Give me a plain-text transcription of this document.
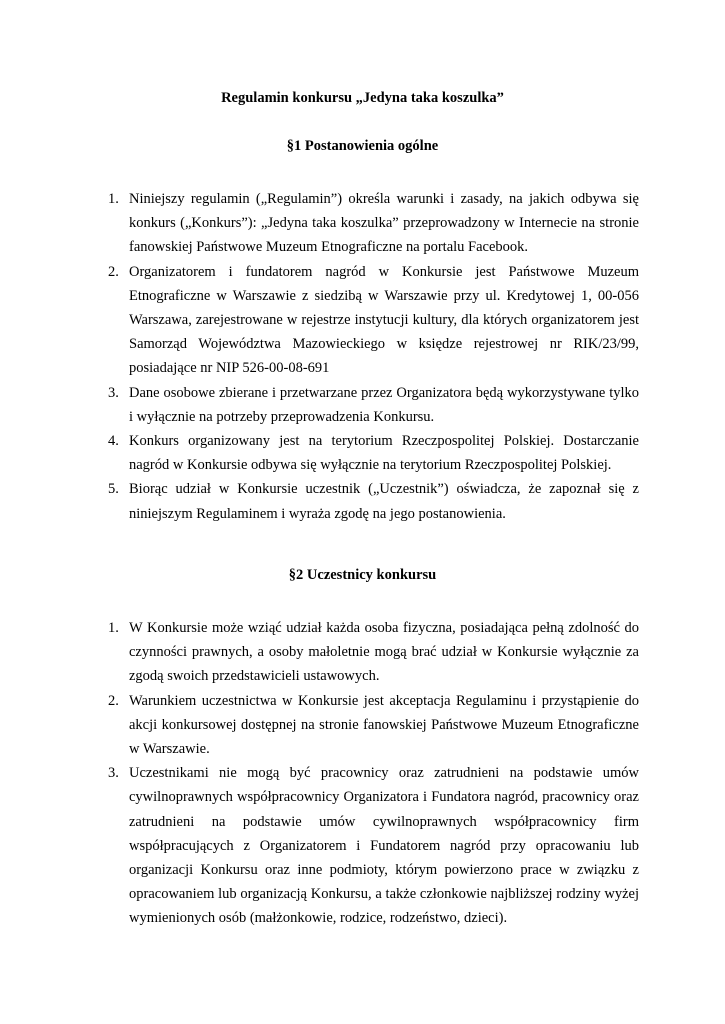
Regulamin konkursu „Jedyna taka koszulka”
§1 Postanowienia ogólne
1. Niniejszy regulamin („Regulamin”) określa warunki i zasady, na jakich odbywa się konkurs („Konkurs”): „Jedyna taka koszulka” przeprowadzony w Internecie na stronie fanowskiej Państwowe Muzeum Etnograficzne na portalu Facebook.
2. Organizatorem i fundatorem nagród w Konkursie jest Państwowe Muzeum Etnograficzne w Warszawie z siedzibą w Warszawie przy ul. Kredytowej 1, 00-056 Warszawa, zarejestrowane w rejestrze instytucji kultury, dla których organizatorem jest Samorząd Województwa Mazowieckiego w księdze rejestrowej nr RIK/23/99, posiadające nr NIP 526-00-08-691
3. Dane osobowe zbierane i przetwarzane przez Organizatora będą wykorzystywane tylko i wyłącznie na potrzeby przeprowadzenia Konkursu.
4. Konkurs organizowany jest na terytorium Rzeczpospolitej Polskiej. Dostarczanie nagród w Konkursie odbywa się wyłącznie na terytorium Rzeczpospolitej Polskiej.
5. Biorąc udział w Konkursie uczestnik („Uczestnik”) oświadcza, że zapoznał się z niniejszym Regulaminem i wyraża zgodę na jego postanowienia.
§2 Uczestnicy konkursu
1. W Konkursie może wziąć udział każda osoba fizyczna, posiadająca pełną zdolność do czynności prawnych, a osoby małoletnie mogą brać udział w Konkursie wyłącznie za zgodą swoich przedstawicieli ustawowych.
2. Warunkiem uczestnictwa w Konkursie jest akceptacja Regulaminu i przystąpienie do akcji konkursowej dostępnej na stronie fanowskiej Państwowe Muzeum Etnograficzne w Warszawie.
3. Uczestnikami nie mogą być pracownicy oraz zatrudnieni na podstawie umów cywilnoprawnych współpracownicy Organizatora i Fundatora nagród, pracownicy oraz zatrudnieni na podstawie umów cywilnoprawnych współpracownicy firm współpracujących z Organizatorem i Fundatorem nagród przy opracowaniu lub organizacji Konkursu oraz inne podmioty, którym powierzono prace w związku z opracowaniem lub organizacją Konkursu, a także członkowie najbliższej rodziny wyżej wymienionych osób (małżonkowie, rodzice, rodzeństwo, dzieci).
